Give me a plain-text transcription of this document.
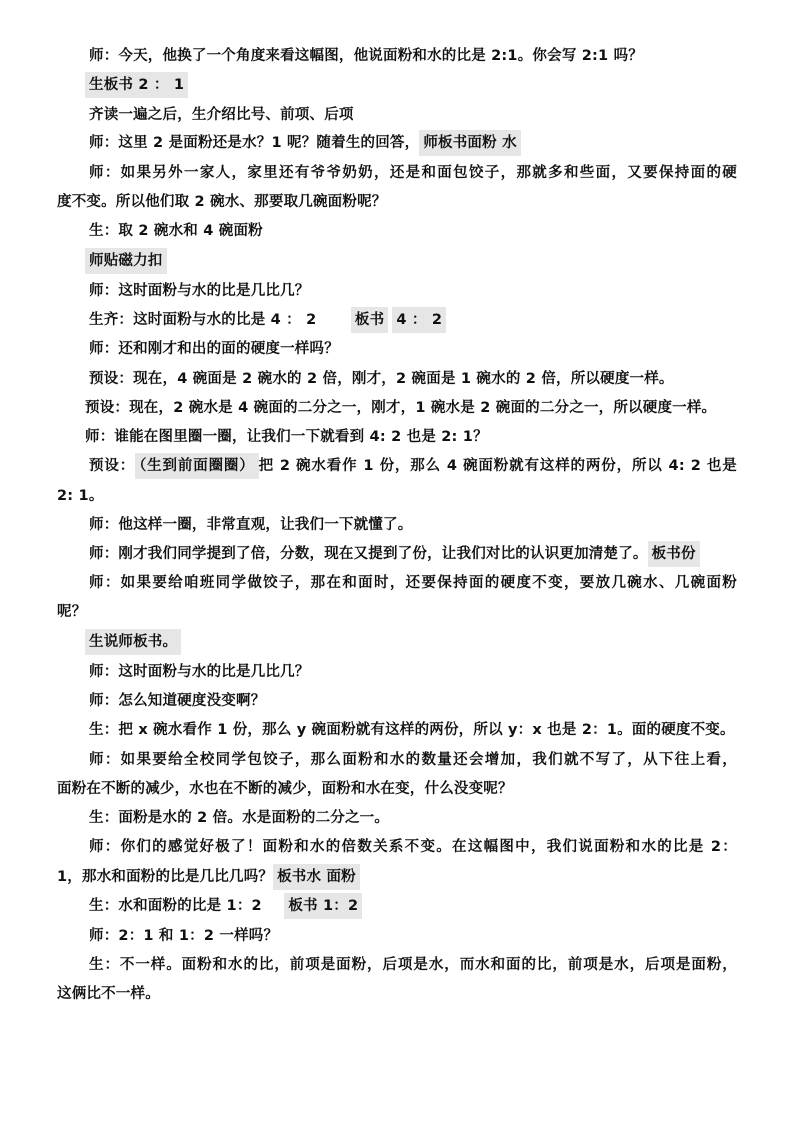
师：今天，他换了一个角度来看这幅图，他说面粉和水的比是 2:1。你会写 2:1 吗？
生板书 2 ： 1
齐读一遍之后，生介绍比号、前项、后项
师：这里 2 是面粉还是水？1 呢？随着生的回答， 师板书面粉 水
师：如果另外一家人，家里还有爷爷奶奶，还是和面包饺子，那就多和些面，又要保持面的硬
度不变。所以他们取 2 碗水、那要取几碗面粉呢？
生：取 2 碗水和 4 碗面粉
师贴磁力扣
师：这时面粉与水的比是几比几？
生齐：这时面粉与水的比是 4 ： 2	板书 4 ： 2
师：还和刚才和出的面的硬度一样吗？
预设：现在，4 碗面是 2 碗水的 2 倍，刚才，2 碗面是 1 碗水的 2 倍，所以硬度一样。
预设：现在，2 碗水是 4 碗面的二分之一，刚才，1 碗水是 2 碗面的二分之一，所以硬度一样。
师：谁能在图里圈一圈，让我们一下就看到 4: 2 也是 2: 1？
预设： （生到前面圈圈） 把 2 碗水看作 1 份，那么 4 碗面粉就有这样的两份，所以 4: 2 也是
2: 1。
师：他这样一圈，非常直观，让我们一下就懂了。
师：刚才我们同学提到了倍，分数，现在又提到了份，让我们对比的认识更加清楚了。 板书份
师：如果要给咱班同学做饺子，那在和面时，还要保持面的硬度不变，要放几碗水、几碗面粉
呢？
生说师板书。
师：这时面粉与水的比是几比几？
师：怎么知道硬度没变啊？
生：把 x 碗水看作 1 份，那么 y 碗面粉就有这样的两份，所以 y：x 也是 2：1。面的硬度不变。
师：如果要给全校同学包饺子，那么面粉和水的数量还会增加，我们就不写了，从下往上看，
面粉在不断的减少，水也在不断的减少，面粉和水在变，什么没变呢？
生：面粉是水的 2 倍。水是面粉的二分之一。
师：你们的感觉好极了！面粉和水的倍数关系不变。在这幅图中，我们说面粉和水的比是 2：
1，那水和面粉的比是几比几吗？ 板书水 面粉
生：水和面粉的比是 1：2 板书 1：2
师：2：1 和 1：2 一样吗？
生：不一样。面粉和水的比，前项是面粉，后项是水，而水和面的比，前项是水，后项是面粉，
这俩比不一样。
